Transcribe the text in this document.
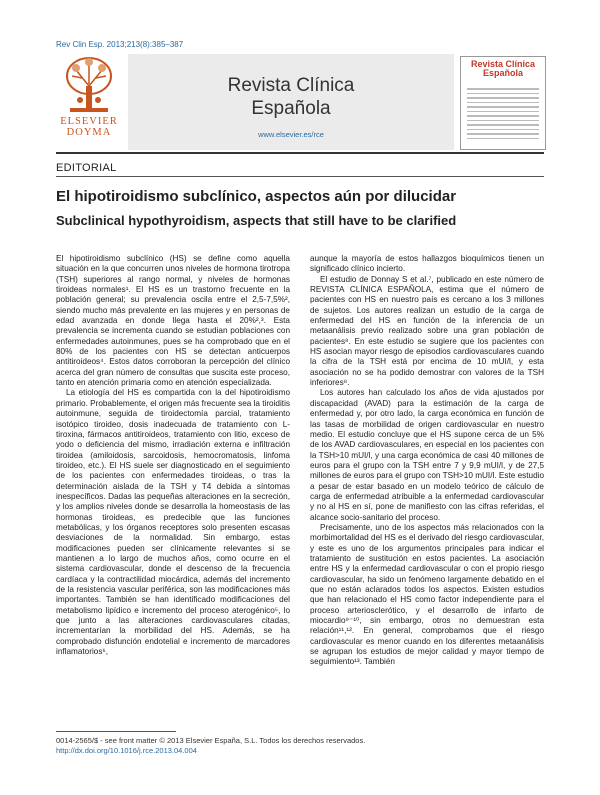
Rev Clin Esp. 2013;213(8):385–387
ELSEVIER DOYMA
Revista Clínica
Española
www.elsevier.es/rce
Revista Clínica
Española
EDITORIAL
El hipotiroidismo subclínico, aspectos aún por dilucidar
Subclinical hypothyroidism, aspects that still have to be clarified

El hipotiroidismo subclínico (HS) se define como aquella situación en la que concurren unos niveles de hormona tirotropa (TSH) superiores al rango normal, y niveles de hormonas tiroideas normales¹. El HS es un trastorno frecuente en la población general; su prevalencia oscila entre el 2,5-7,5%², siendo mucho más prevalente en las mujeres y en personas de edad avanzada en donde llega hasta el 20%²,³. Esta prevalencia se incrementa cuando se estudian poblaciones con enfermedades autoinmunes, pues se ha comprobado que en el 80% de los pacientes con HS se detectan anticuerpos antitiroideos⁴. Estos datos corroboran la percepción del clínico acerca del gran número de consultas que suscita este proceso, tanto en atención primaria como en atención especializada.

La etiología del HS es compartida con la del hipotiroidismo primario. Probablemente, el origen más frecuente sea la tiroiditis autoinmune, seguida de tiroidectomía parcial, tratamiento isotópico tiroideo, dosis inadecuada de tratamiento con L-tiroxina, fármacos antitiroideos, tratamiento con litio, exceso de yodo o deficiencia del mismo, irradiación externa e infiltración tiroidea (amiloidosis, sarcoidosis, hemocromatosis, linfoma tiroideo, etc.). El HS suele ser diagnosticado en el seguimiento de los pacientes con enfermedades tiroideas, o tras la determinación aislada de la TSH y T4 debida a síntomas inespecíficos. Dadas las pequeñas alteraciones en la secreción, y los amplios niveles donde se desarrolla la homeostasis de las hormonas tiroideas, es predecible que las funciones metabólicas, y los órganos receptores solo presenten escasas desviaciones de la normalidad. Sin embargo, estas modificaciones pueden ser clínicamente relevantes si se mantienen a lo largo de muchos años, como ocurre en el sistema cardiovascular, donde el descenso de la frecuencia cardíaca y la contractilidad miocárdica, además del incremento de la resistencia vascular periférica, son las modificaciones más importantes. También se han identificado modificaciones del metabolismo lipídico e incremento del proceso aterogénico⁵, lo que junto a las alteraciones cardiovasculares citadas, incrementarían la morbilidad del HS. Además, se ha comprobado disfunción endotelial e incremento de marcadores inflamatorios⁶,

aunque la mayoría de estos hallazgos bioquímicos tienen un significado clínico incierto.

El estudio de Donnay S et al.⁷, publicado en este número de REVISTA CLÍNICA ESPAÑOLA, estima que el número de pacientes con HS en nuestro país es cercano a los 3 millones de sujetos. Los autores realizan un estudio de la carga de enfermedad del HS en función de la inferencia de un metaanálisis previo realizado sobre una gran población de pacientes⁸. En este estudio se sugiere que los pacientes con HS asocian mayor riesgo de episodios cardiovasculares cuando la cifra de la TSH está por encima de 10 mUI/l, y esta asociación no se ha podido demostrar con valores de la TSH inferiores⁸.

Los autores han calculado los años de vida ajustados por discapacidad (AVAD) para la estimación de la carga de enfermedad y, por otro lado, la carga económica en función de las tasas de morbilidad de origen cardiovascular en nuestro medio. El estudio concluye que el HS supone cerca de un 5% de los AVAD cardiovasculares, en especial en los pacientes con la TSH>10 mUI/l, y una carga económica de casi 40 millones de euros para el grupo con la TSH entre 7 y 9,9 mUI/l, y de 27,5 millones de euros para el grupo con TSH>10 mUI/l. Este estudio a pesar de estar basado en un modelo teórico de cálculo de carga de enfermedad atribuible a la enfermedad cardiovascular y no al HS en sí, pone de manifiesto con las cifras referidas, el alcance socio-sanitario del proceso.

Precisamente, uno de los aspectos más relacionados con la morbimortalidad del HS es el derivado del riesgo cardiovascular, y este es uno de los argumentos principales para indicar el tratamiento de sustitución en estos pacientes. La asociación entre HS y la enfermedad cardiovascular o con el propio riesgo cardiovascular, ha sido un fenómeno largamente debatido en el que no están aclarados todos los aspectos. Existen estudios que han relacionado el HS como factor independiente para el proceso arteriosclerótico, y el desarrollo de infarto de miocardio⁹⁻¹⁰, sin embargo, otros no demuestran esta relación¹¹,¹². En general, comprobamos que el riesgo cardiovascular es menor cuando en los diferentes metaanálisis se agrupan los estudios de mejor calidad y mayor tiempo de seguimiento¹³. También

0014-2565/$ - see front matter © 2013 Elsevier España, S.L. Todos los derechos reservados.
http://dx.doi.org/10.1016/j.rce.2013.04.004
